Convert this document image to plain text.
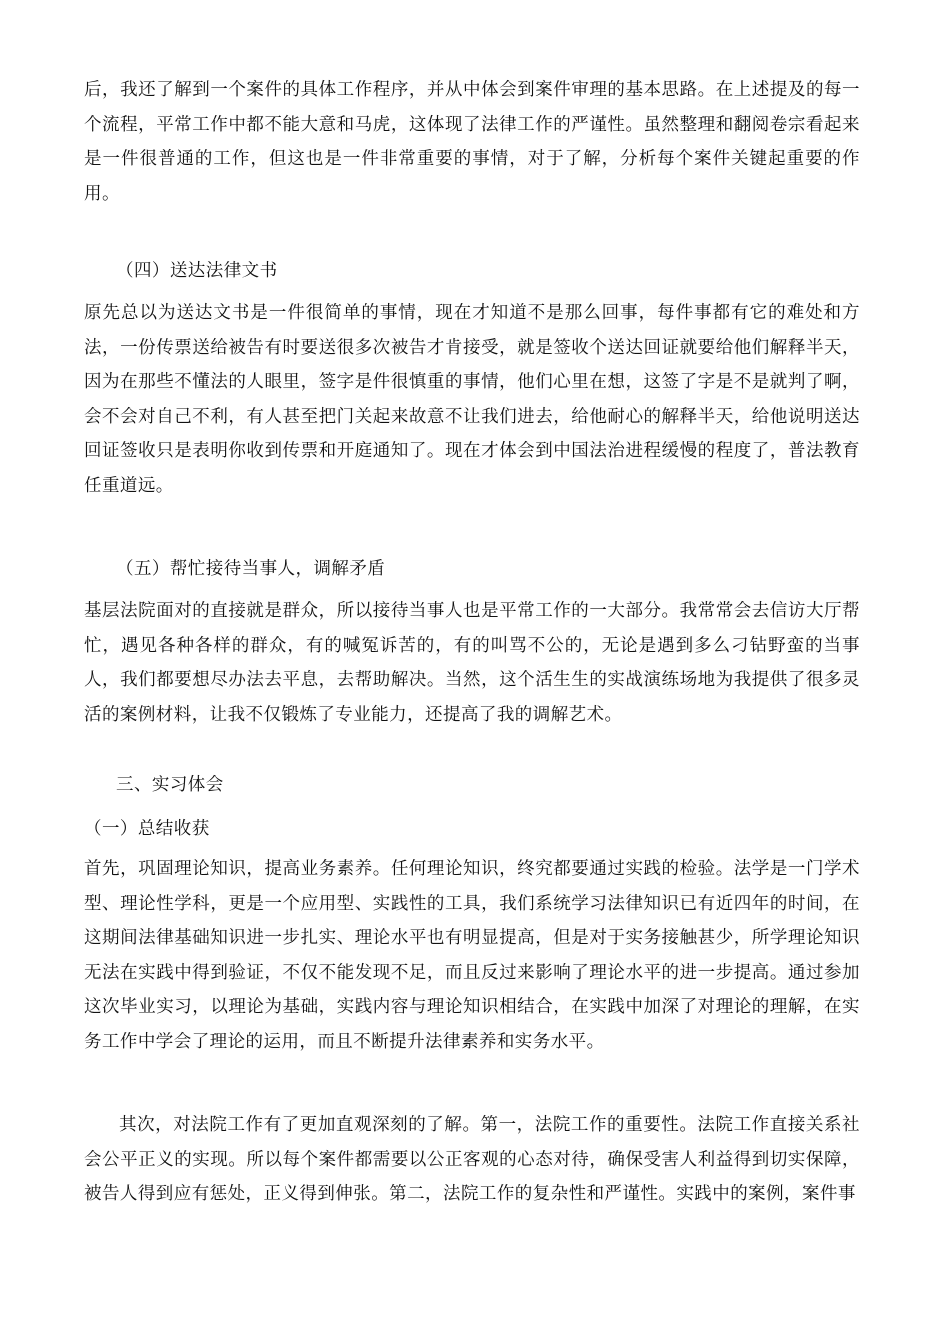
后，我还了解到一个案件的具体工作程序，并从中体会到案件审理的基本思路。在上述提及的每一个流程，平常工作中都不能大意和马虎，这体现了法律工作的严谨性。虽然整理和翻阅卷宗看起来是一件很普通的工作，但这也是一件非常重要的事情，对于了解，分析每个案件关键起重要的作用。

（四）送达法律文书

原先总以为送达文书是一件很简单的事情，现在才知道不是那么回事，每件事都有它的难处和方法，一份传票送给被告有时要送很多次被告才肯接受，就是签收个送达回证就要给他们解释半天，因为在那些不懂法的人眼里，签字是件很慎重的事情，他们心里在想，这签了字是不是就判了啊，会不会对自己不利，有人甚至把门关起来故意不让我们进去，给他耐心的解释半天，给他说明送达回证签收只是表明你收到传票和开庭通知了。现在才体会到中国法治进程缓慢的程度了，普法教育任重道远。

（五）帮忙接待当事人，调解矛盾

基层法院面对的直接就是群众，所以接待当事人也是平常工作的一大部分。我常常会去信访大厅帮忙，遇见各种各样的群众，有的喊冤诉苦的，有的叫骂不公的，无论是遇到多么刁钻野蛮的当事人，我们都要想尽办法去平息，去帮助解决。当然，这个活生生的实战演练场地为我提供了很多灵活的案例材料，让我不仅锻炼了专业能力，还提高了我的调解艺术。

三、实习体会

（一）总结收获

首先，巩固理论知识，提高业务素养。任何理论知识，终究都要通过实践的检验。法学是一门学术型、理论性学科，更是一个应用型、实践性的工具，我们系统学习法律知识已有近四年的时间，在这期间法律基础知识进一步扎实、理论水平也有明显提高，但是对于实务接触甚少，所学理论知识无法在实践中得到验证，不仅不能发现不足，而且反过来影响了理论水平的进一步提高。通过参加这次毕业实习，以理论为基础，实践内容与理论知识相结合，在实践中加深了对理论的理解，在实务工作中学会了理论的运用，而且不断提升法律素养和实务水平。

其次，对法院工作有了更加直观深刻的了解。第一，法院工作的重要性。法院工作直接关系社会公平正义的实现。所以每个案件都需要以公正客观的心态对待，确保受害人利益得到切实保障，被告人得到应有惩处，正义得到伸张。第二，法院工作的复杂性和严谨性。实践中的案例，案件事
